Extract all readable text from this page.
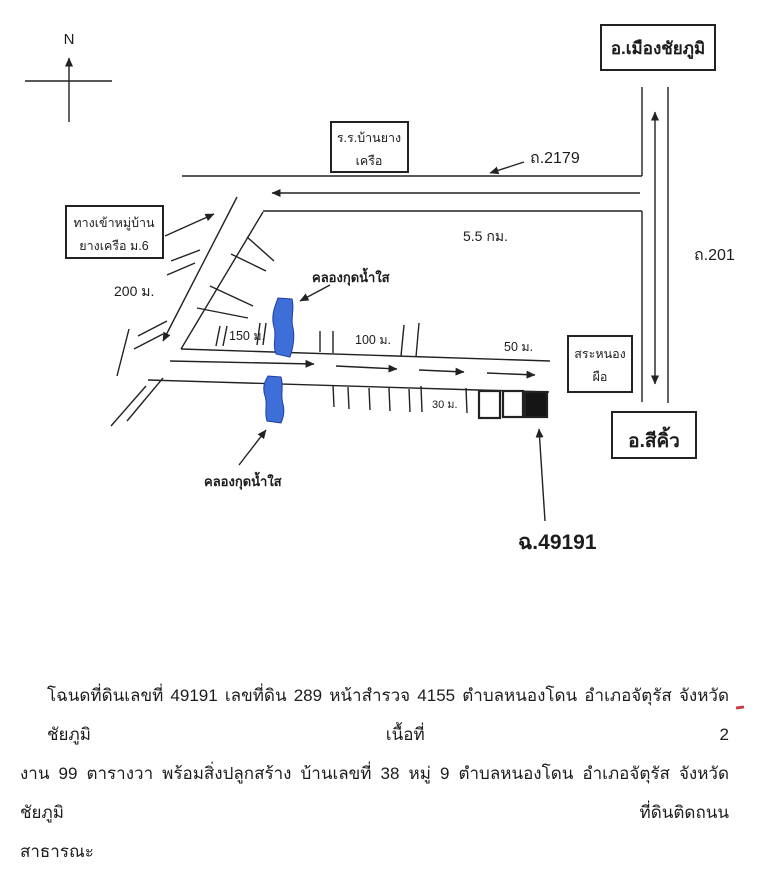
N	อ.เมืองชัยภูมิ
ถ.201
ถ.2179
5.5 กม.
ร.ร.บ้านยาง
เครือ
ทางเข้าหมู่บ้าน
ยางเครือ ม.6
200 ม.
150 ม.	100 ม.	50 ม.
30 ม.
คลองกุดน้ำใส
คลองกุดน้ำใส
สระหนอง
ผือ
อ.สีคิ้ว
ฉ.49191
โฉนดที่ดินเลขที่ 49191 เลขที่ดิน 289 หน้าสำรวจ 4155 ตำบลหนองโดน อำเภอจัตุรัส จังหวัดชัยภูมิ เนื้อที่ 2
งาน 99 ตารางวา พร้อมสิ่งปลูกสร้าง บ้านเลขที่ 38 หมู่ 9 ตำบลหนองโดน อำเภอจัตุรัส จังหวัดชัยภูมิ ที่ดินติดถนน
สาธารณะ
